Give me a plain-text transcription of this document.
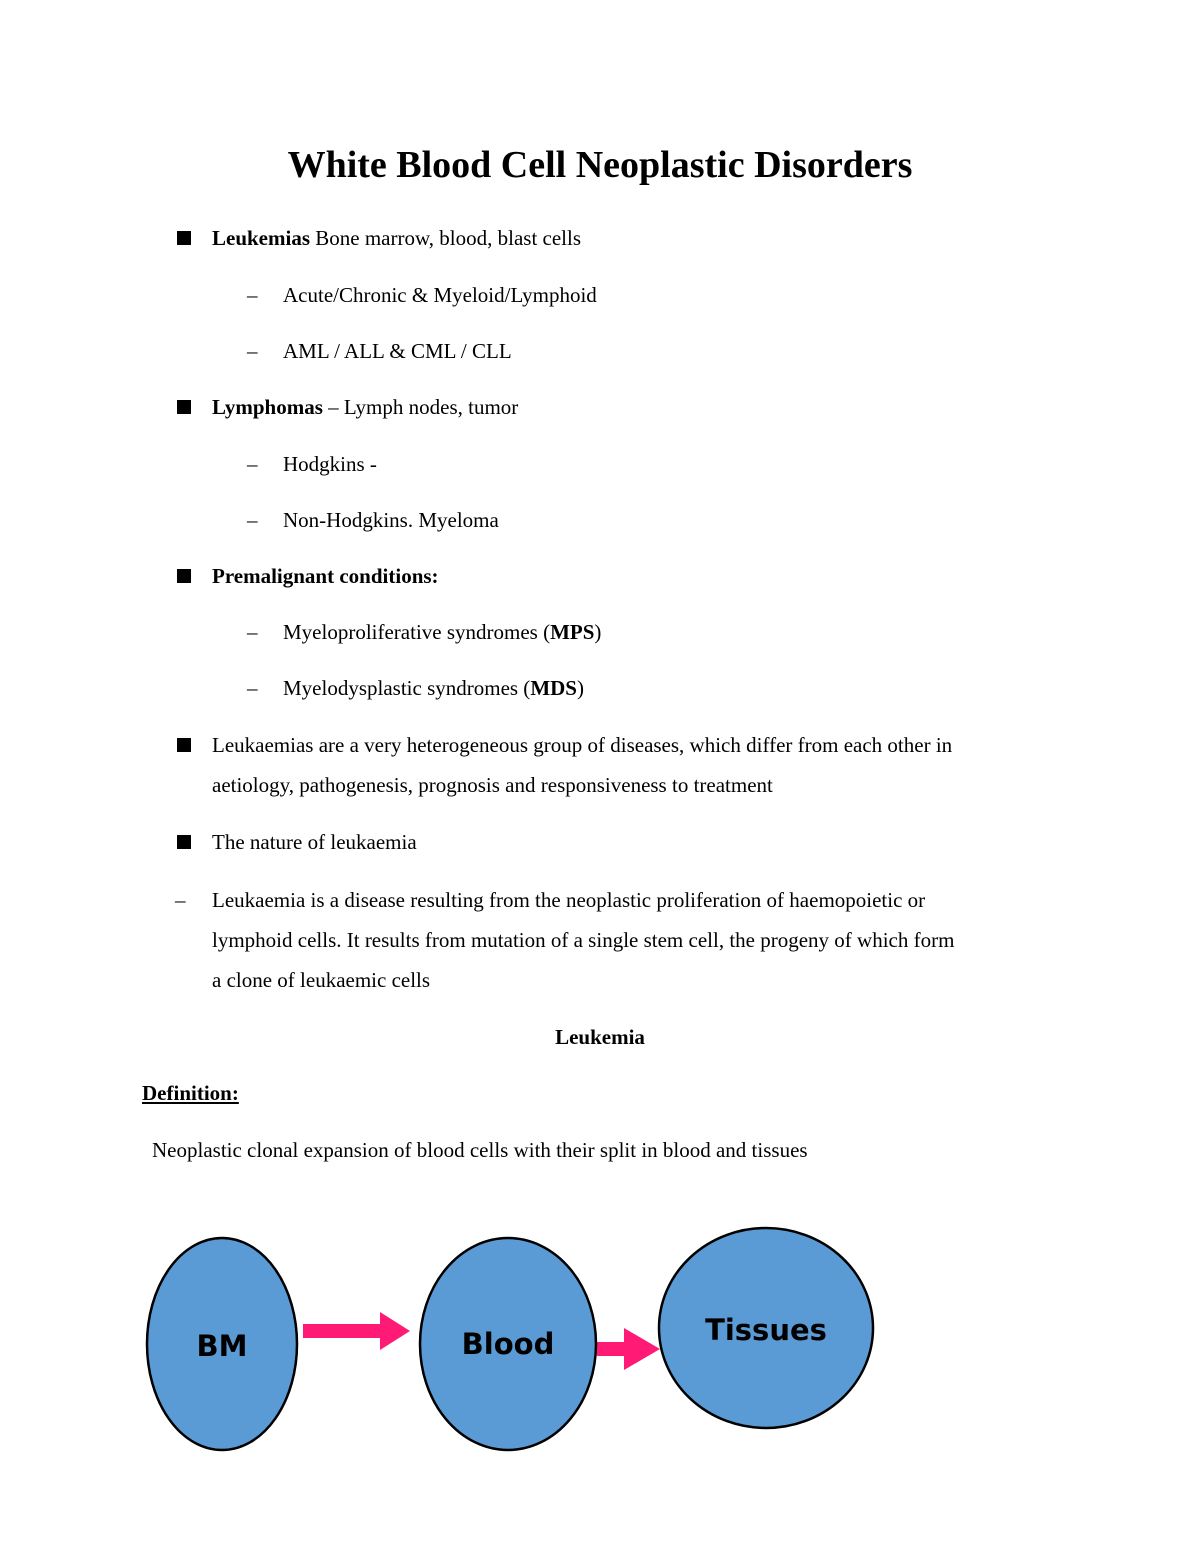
White Blood Cell Neoplastic Disorders
Leukemias Bone marrow, blood, blast cells
– Acute/Chronic & Myeloid/Lymphoid
– AML / ALL & CML / CLL
Lymphomas – Lymph nodes, tumor
– Hodgkins -
– Non-Hodgkins. Myeloma
Premalignant conditions:
– Myeloproliferative syndromes (MPS)
– Myelodysplastic syndromes (MDS)
Leukaemias are a very heterogeneous group of diseases, which differ from each other in
aetiology, pathogenesis, prognosis and responsiveness to treatment
The nature of leukaemia
– Leukaemia is a disease resulting from the neoplastic proliferation of haemopoietic or
lymphoid cells. It results from mutation of a single stem cell, the progeny of which form
a clone of leukaemic cells
Leukemia
Definition:
Neoplastic clonal expansion of blood cells with their split in blood and tissues
BM	Blood	Tissues
